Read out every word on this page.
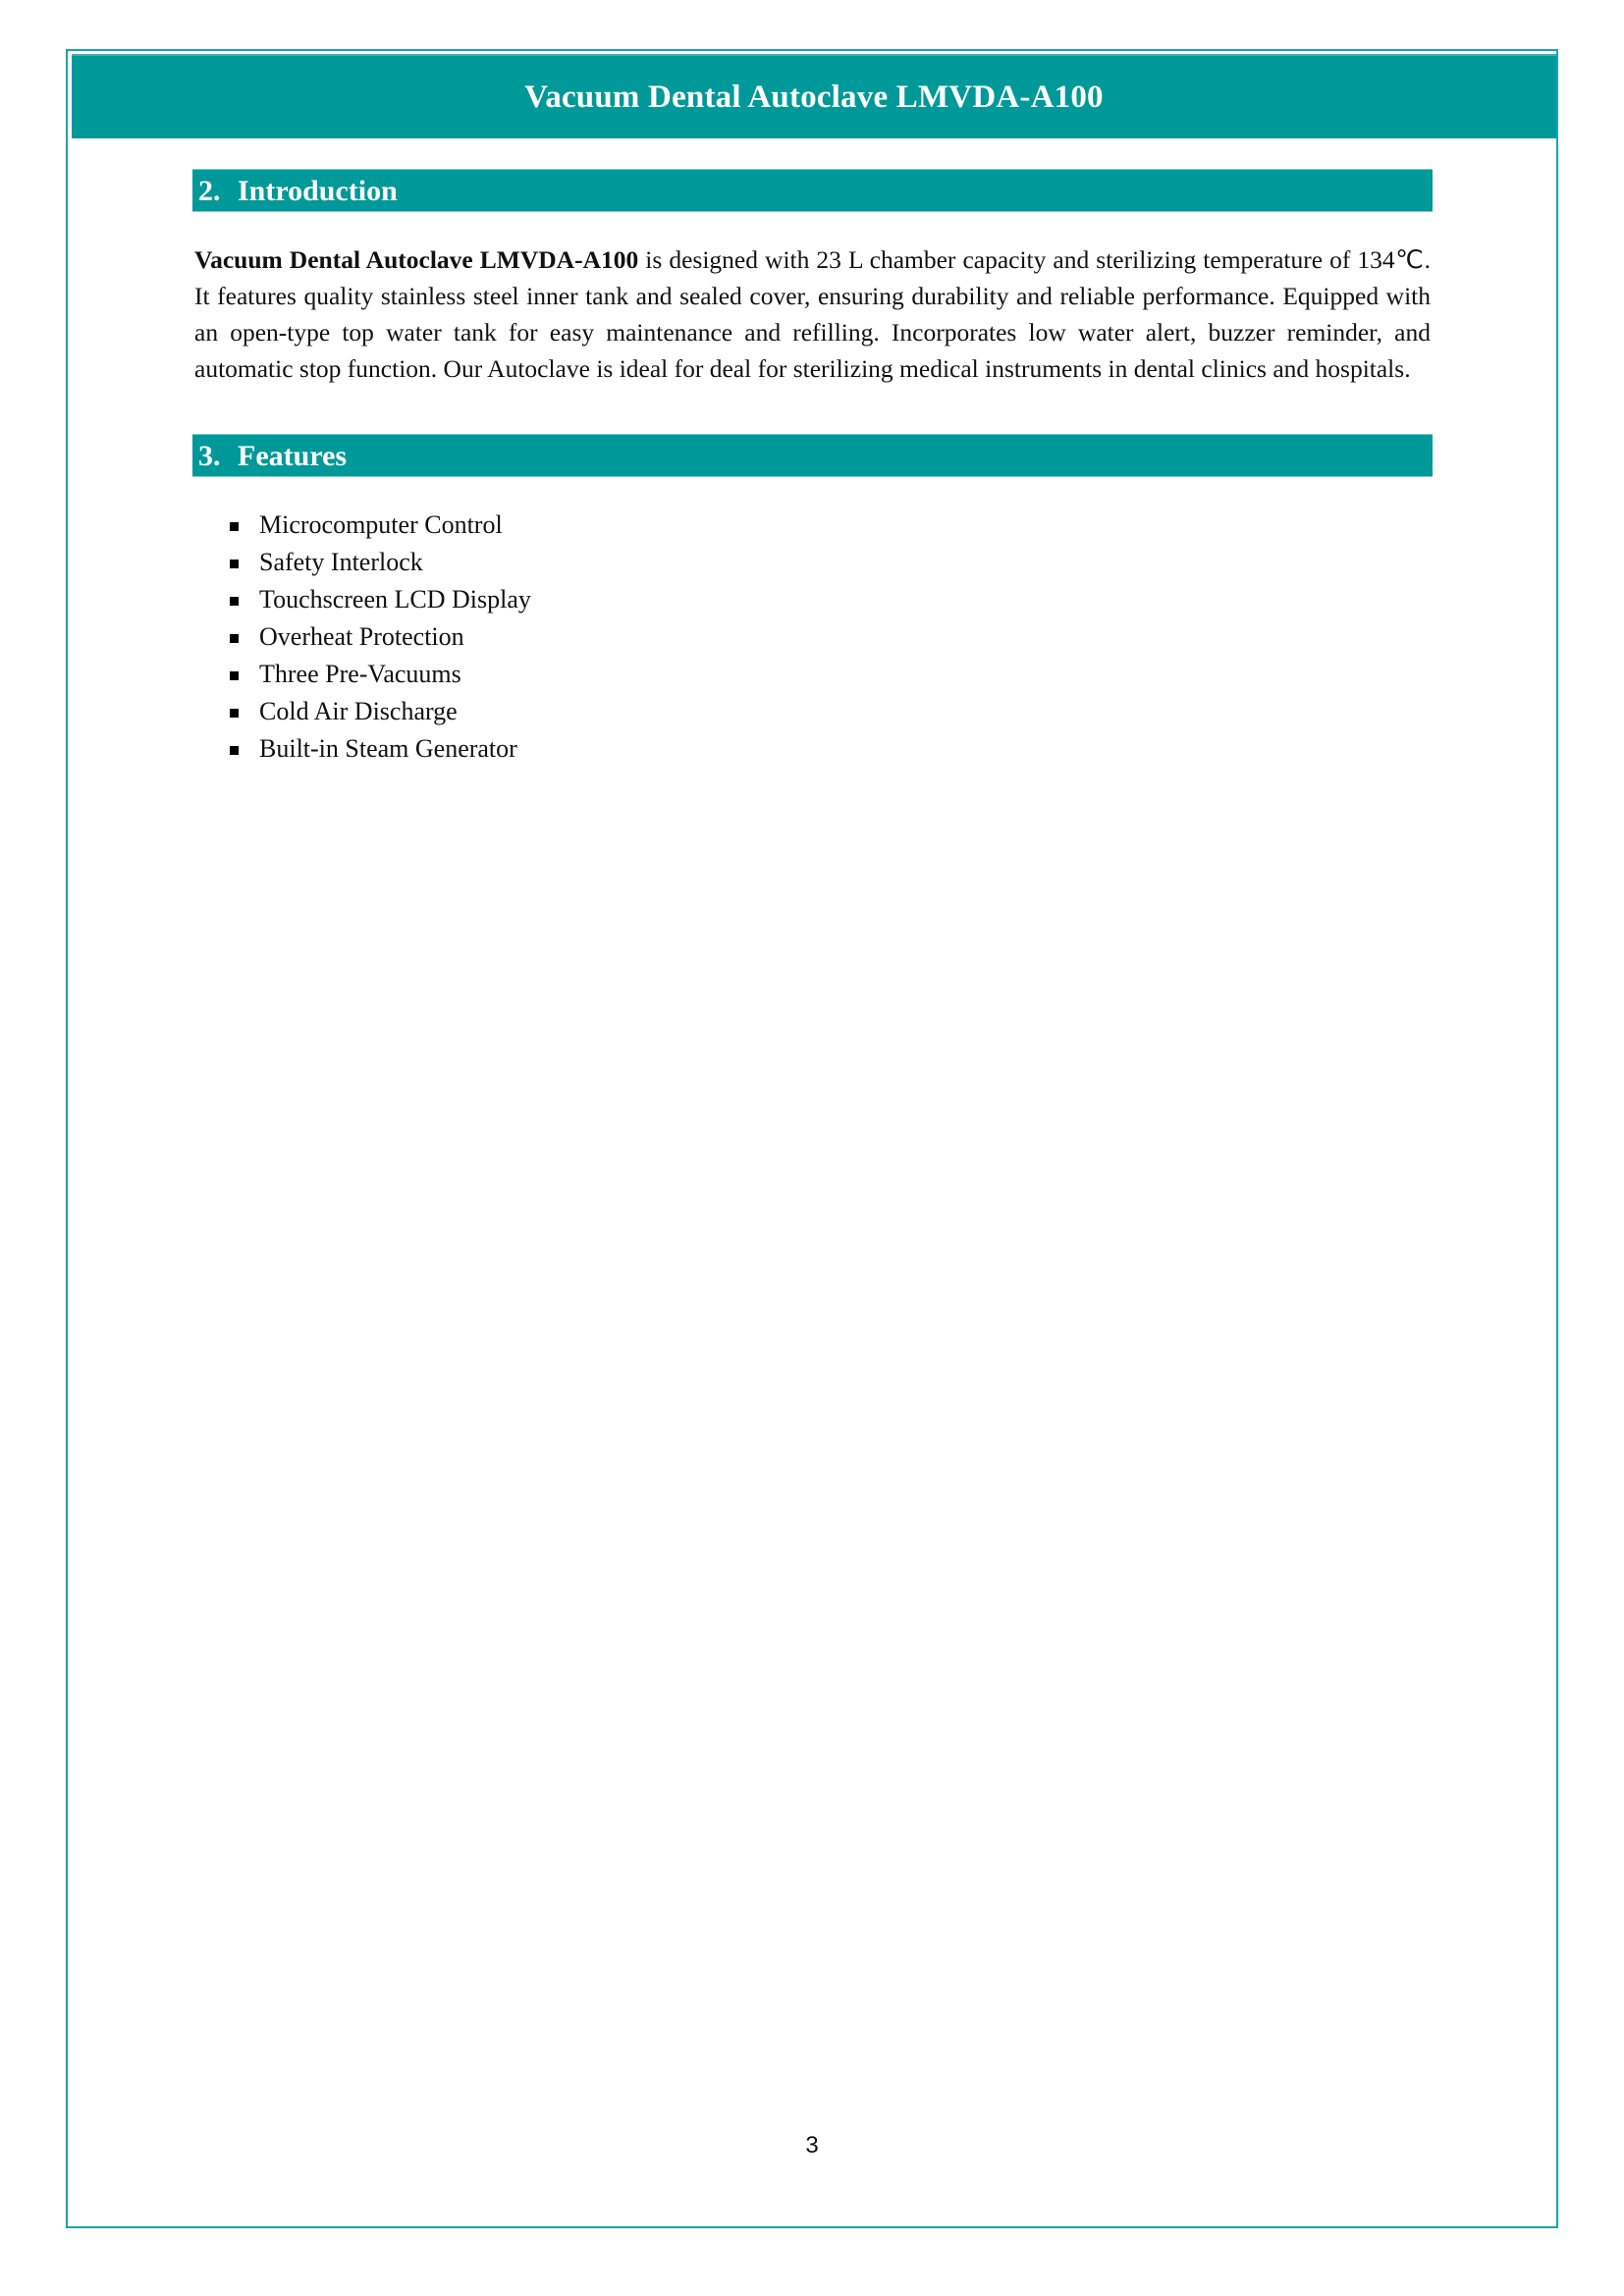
Vacuum Dental Autoclave LMVDA-A100
2. Introduction

Vacuum Dental Autoclave LMVDA-A100 is designed with 23 L chamber capacity and sterilizing temperature of 134℃. It features quality stainless steel inner tank and sealed cover, ensuring durability and reliable performance. Equipped with an open-type top water tank for easy maintenance and refilling. Incorporates low water alert, buzzer reminder, and automatic stop function. Our Autoclave is ideal for deal for sterilizing medical instruments in dental clinics and hospitals.

3. Features
Microcomputer Control
Safety Interlock
Touchscreen LCD Display
Overheat Protection
Three Pre-Vacuums
Cold Air Discharge
Built-in Steam Generator
3
